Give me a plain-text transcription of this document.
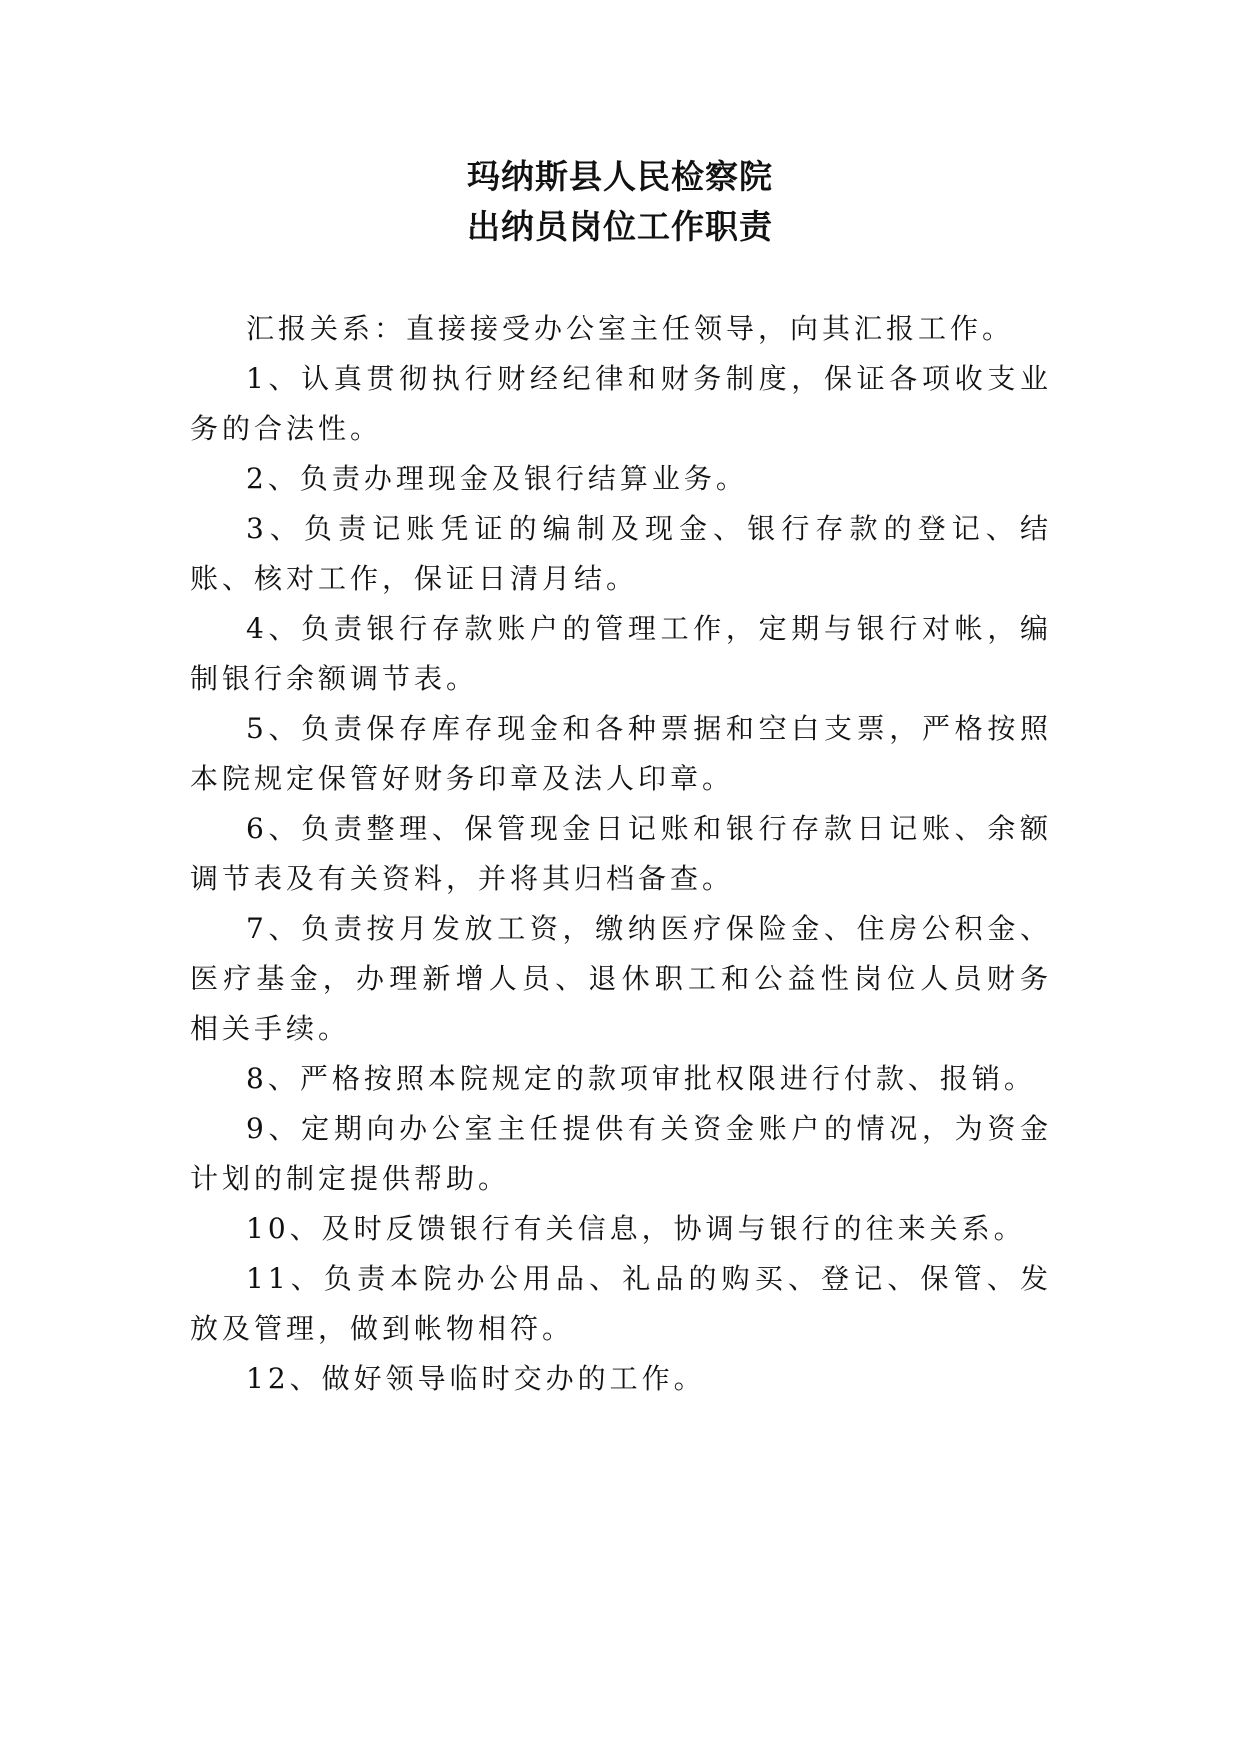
玛纳斯县人民检察院

出纳员岗位工作职责

汇报关系：直接接受办公室主任领导，向其汇报工作。

1、认真贯彻执行财经纪律和财务制度，保证各项收支业务的合法性。

2、负责办理现金及银行结算业务。

3、负责记账凭证的编制及现金、银行存款的登记、结账、核对工作，保证日清月结。

4、负责银行存款账户的管理工作，定期与银行对帐，编制银行余额调节表。

5、负责保存库存现金和各种票据和空白支票，严格按照本院规定保管好财务印章及法人印章。

6、负责整理、保管现金日记账和银行存款日记账、余额调节表及有关资料，并将其归档备查。

7、负责按月发放工资，缴纳医疗保险金、住房公积金、医疗基金，办理新增人员、退休职工和公益性岗位人员财务相关手续。

8、严格按照本院规定的款项审批权限进行付款、报销。

9、定期向办公室主任提供有关资金账户的情况，为资金计划的制定提供帮助。

10、及时反馈银行有关信息，协调与银行的往来关系。

11、负责本院办公用品、礼品的购买、登记、保管、发放及管理，做到帐物相符。

12、做好领导临时交办的工作。
